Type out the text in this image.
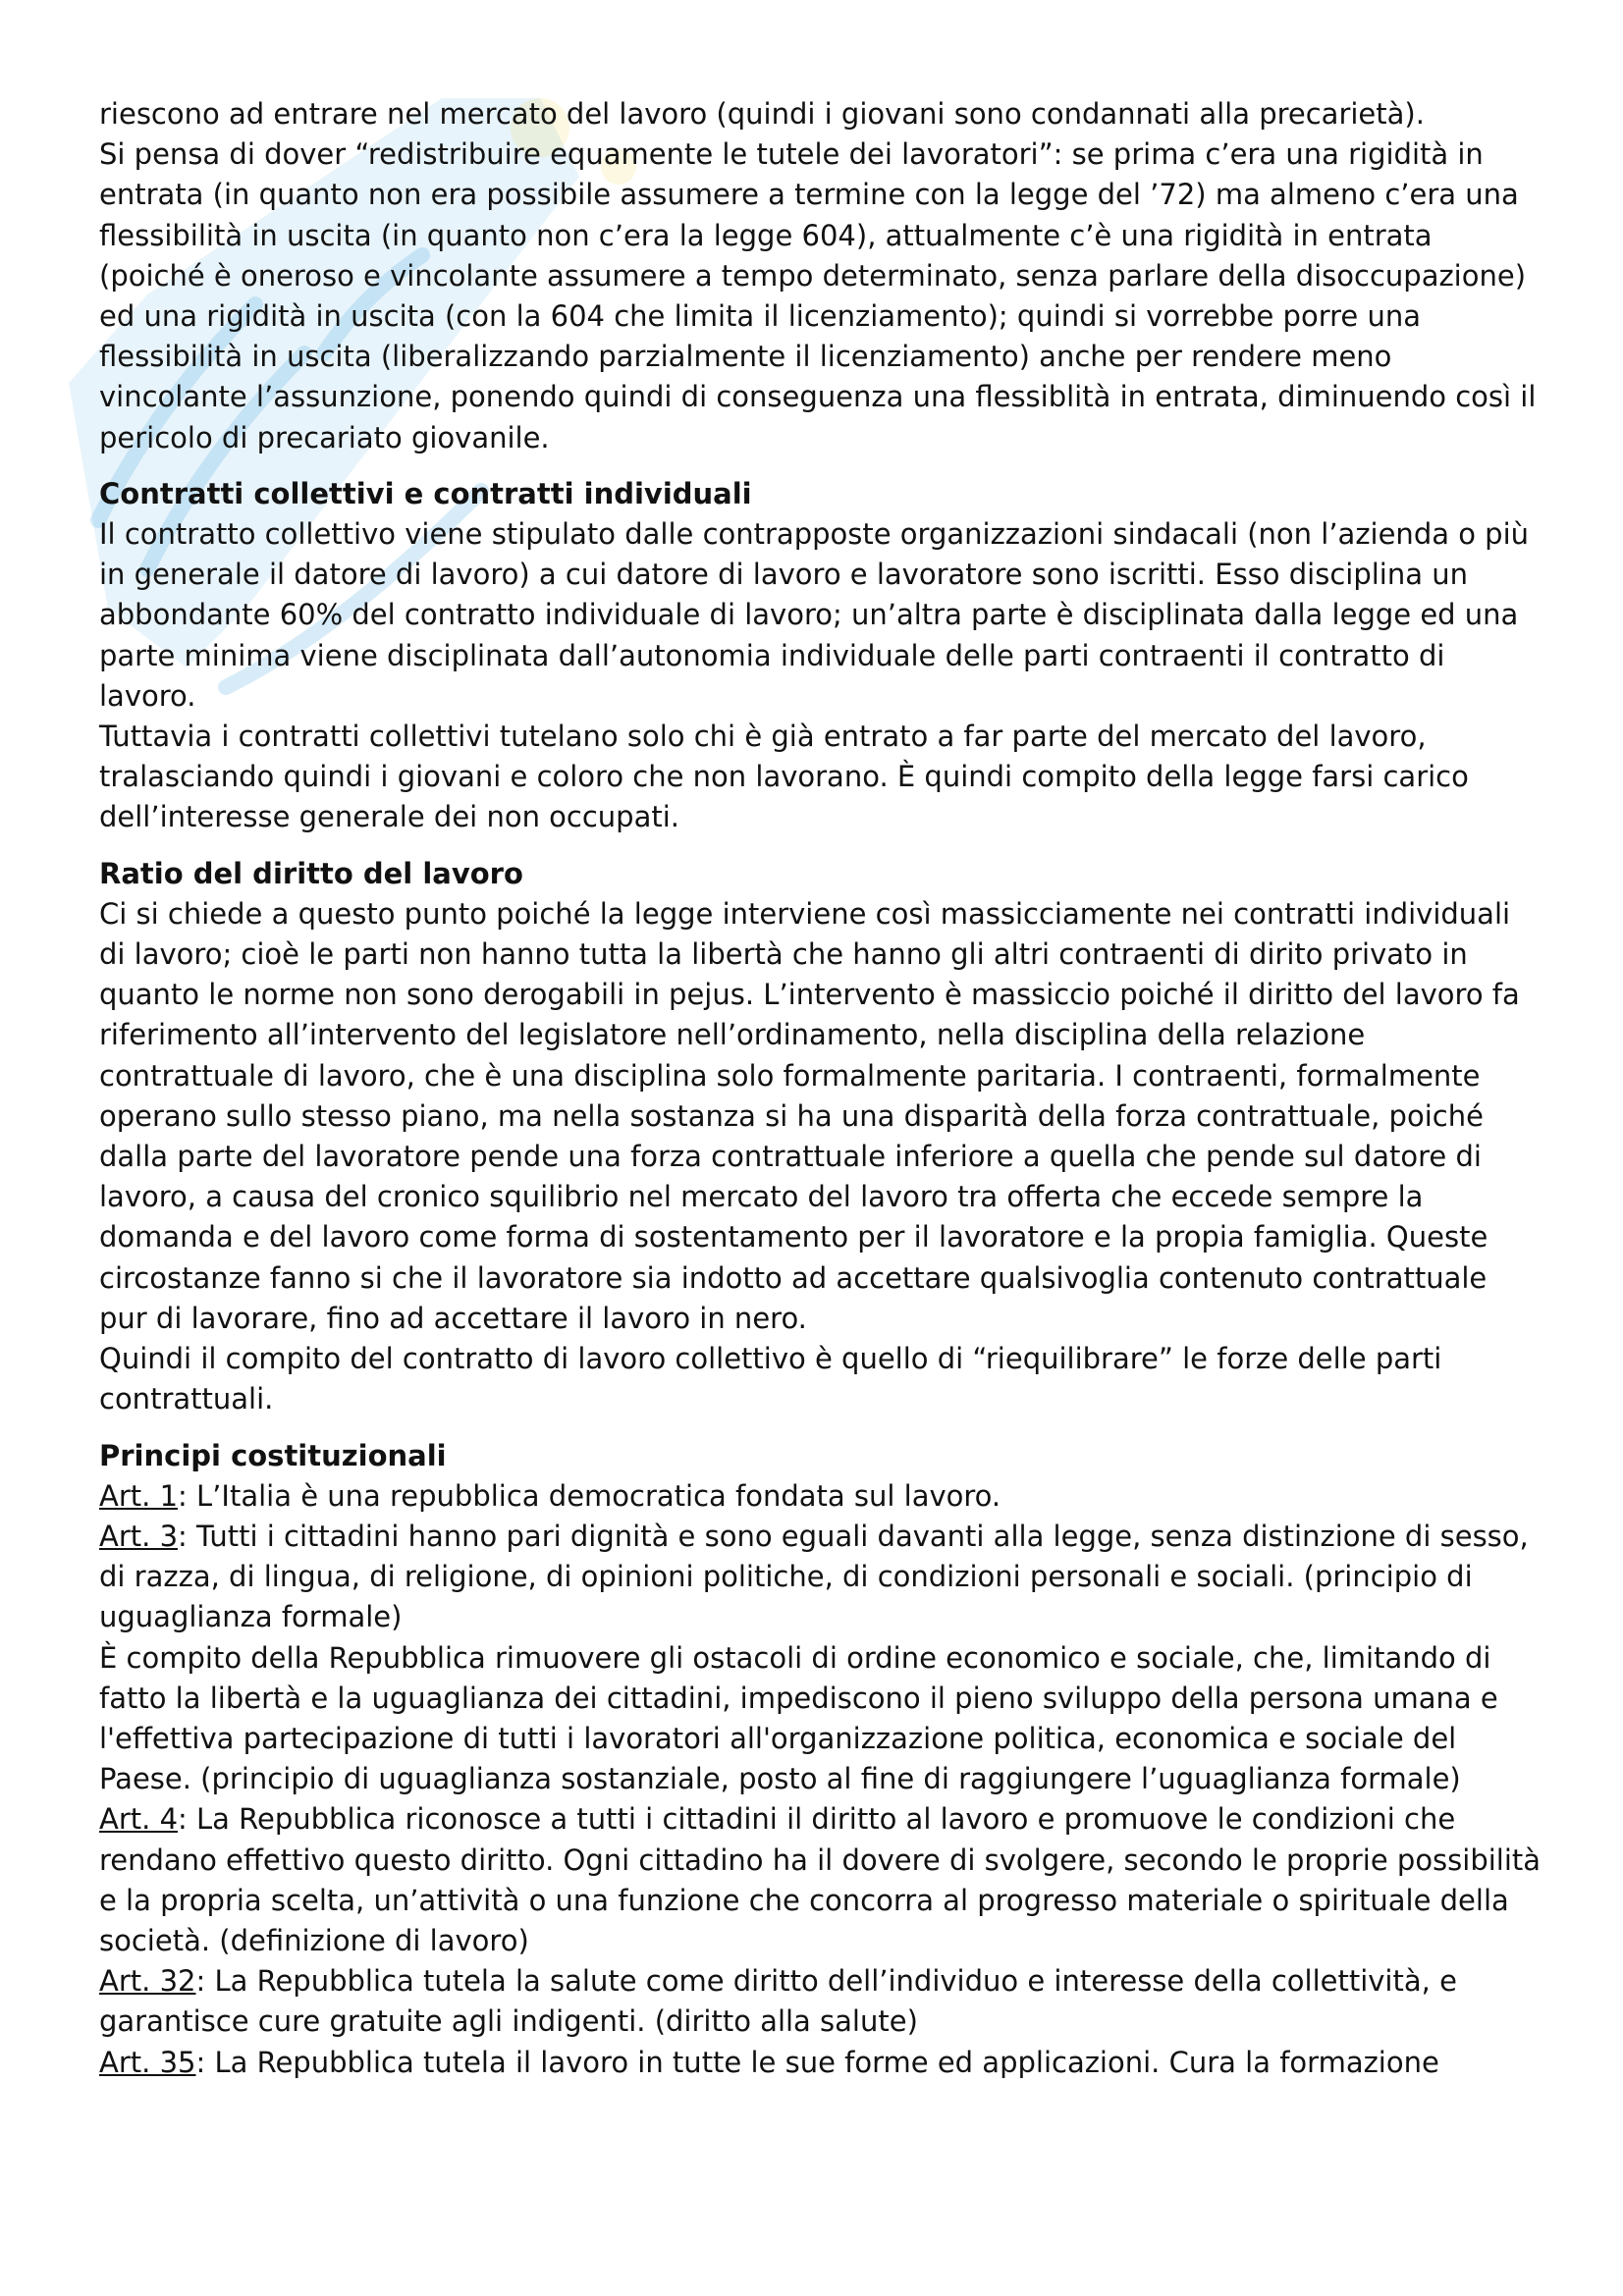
riescono ad entrare nel mercato del lavoro (quindi i giovani sono condannati alla precarietà).

Si pensa di dover “redistribuire equamente le tutele dei lavoratori”: se prima c’era una rigidità in entrata (in quanto non era possibile assumere a termine con la legge del ’72) ma almeno c’era una flessibilità in uscita (in quanto non c’era la legge 604), attualmente c’è una rigidità in entrata (poiché è oneroso e vincolante assumere a tempo determinato, senza parlare della disoccupazione) ed una rigidità in uscita (con la 604 che limita il licenziamento); quindi si vorrebbe porre una flessibilità in uscita (liberalizzando parzialmente il licenziamento) anche per rendere meno vincolante l’assunzione, ponendo quindi di conseguenza una flessiblità in entrata, diminuendo così il pericolo di precariato giovanile.

Contratti collettivi e contratti individuali

Il contratto collettivo viene stipulato dalle contrapposte organizzazioni sindacali (non l’azienda o più in generale il datore di lavoro) a cui datore di lavoro e lavoratore sono iscritti. Esso disciplina un abbondante 60% del contratto individuale di lavoro; un’altra parte è disciplinata dalla legge ed una parte minima viene disciplinata dall’autonomia individuale delle parti contraenti il contratto di lavoro.

Tuttavia i contratti collettivi tutelano solo chi è già entrato a far parte del mercato del lavoro, tralasciando quindi i giovani e coloro che non lavorano. È quindi compito della legge farsi carico dell’interesse generale dei non occupati.

Ratio del diritto del lavoro

Ci si chiede a questo punto poiché la legge interviene così massicciamente nei contratti individuali di lavoro; cioè le parti non hanno tutta la libertà che hanno gli altri contraenti di dirito privato in quanto le norme non sono derogabili in pejus. L’intervento è massiccio poiché il diritto del lavoro fa riferimento all’intervento del legislatore nell’ordinamento, nella disciplina della relazione contrattuale di lavoro, che è una disciplina solo formalmente paritaria. I contraenti, formalmente operano sullo stesso piano, ma nella sostanza si ha una disparità della forza contrattuale, poiché dalla parte del lavoratore pende una forza contrattuale inferiore a quella che pende sul datore di lavoro, a causa del cronico squilibrio nel mercato del lavoro tra offerta che eccede sempre la domanda e del lavoro come forma di sostentamento per il lavoratore e la propia famiglia. Queste circostanze fanno si che il lavoratore sia indotto ad accettare qualsivoglia contenuto contrattuale pur di lavorare, fino ad accettare il lavoro in nero.

Quindi il compito del contratto di lavoro collettivo è quello di “riequilibrare” le forze delle parti contrattuali.

Principi costituzionali

Art. 1: L’Italia è una repubblica democratica fondata sul lavoro.

Art. 3: Tutti i cittadini hanno pari dignità e sono eguali davanti alla legge, senza distinzione di sesso, di razza, di lingua, di religione, di opinioni politiche, di condizioni personali e sociali. (principio di uguaglianza formale)

È compito della Repubblica rimuovere gli ostacoli di ordine economico e sociale, che, limitando di fatto la libertà e la uguaglianza dei cittadini, impediscono il pieno sviluppo della persona umana e l'effettiva partecipazione di tutti i lavoratori all'organizzazione politica, economica e sociale del Paese. (principio di uguaglianza sostanziale, posto al fine di raggiungere l’uguaglianza formale)

Art. 4: La Repubblica riconosce a tutti i cittadini il diritto al lavoro e promuove le condizioni che rendano effettivo questo diritto. Ogni cittadino ha il dovere di svolgere, secondo le proprie possibilità e la propria scelta, un’attività o una funzione che concorra al progresso materiale o spirituale della società. (definizione di lavoro)

Art. 32: La Repubblica tutela la salute come diritto dell’individuo e interesse della collettività, e garantisce cure gratuite agli indigenti. (diritto alla salute)

Art. 35: La Repubblica tutela il lavoro in tutte le sue forme ed applicazioni. Cura la formazione
